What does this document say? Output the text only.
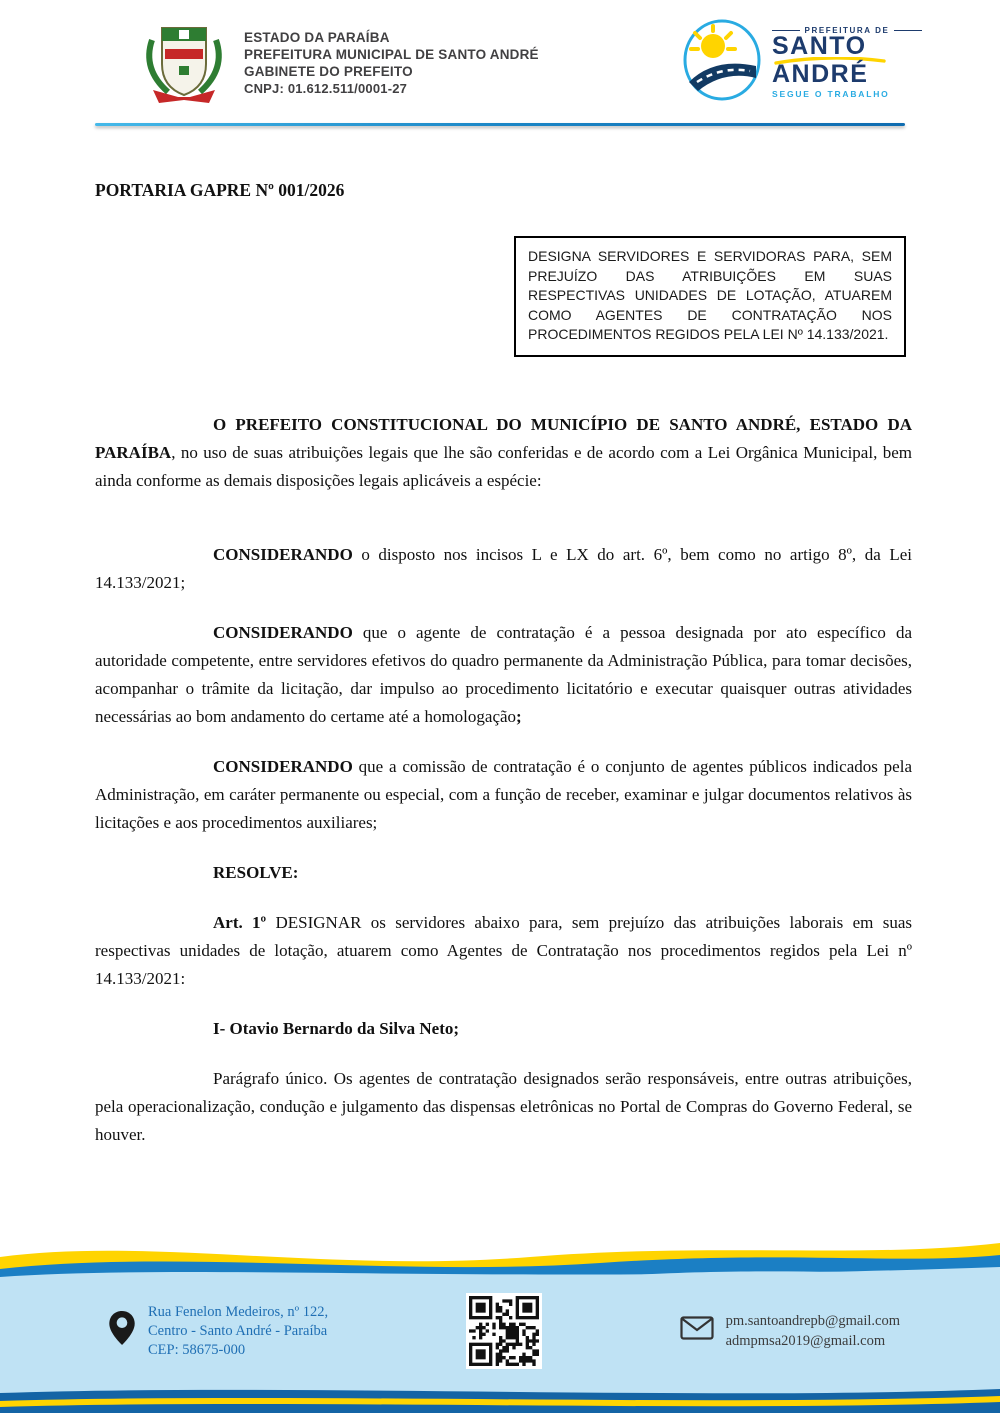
ESTADO DA PARAÍBA
PREFEITURA MUNICIPAL DE SANTO ANDRÉ
GABINETE DO PREFEITO
CNPJ: 01.612.511/0001-27
PREFEITURA DE
SANTO
ANDRÉ
SEGUE O TRABALHO
PORTARIA GAPRE Nº 001/2026
DESIGNA SERVIDORES E SERVIDORAS PARA, SEM PREJUÍZO DAS ATRIBUIÇÕES EM SUAS RESPECTIVAS UNIDADES DE LOTAÇÃO, ATUAREM COMO AGENTES DE CONTRATAÇÃO NOS PROCEDIMENTOS REGIDOS PELA LEI Nº 14.133/2021.

O PREFEITO CONSTITUCIONAL DO MUNICÍPIO DE SANTO ANDRÉ, ESTADO DA PARAÍBA, no uso de suas atribuições legais que lhe são conferidas e de acordo com a Lei Orgânica Municipal, bem ainda conforme as demais disposições legais aplicáveis a espécie:

CONSIDERANDO o disposto nos incisos L e LX do art. 6º, bem como no artigo 8º, da Lei 14.133/2021;

CONSIDERANDO que o agente de contratação é a pessoa designada por ato específico da autoridade competente, entre servidores efetivos do quadro permanente da Administração Pública, para tomar decisões, acompanhar o trâmite da licitação, dar impulso ao procedimento licitatório e executar quaisquer outras atividades necessárias ao bom andamento do certame até a homologação;

CONSIDERANDO que a comissão de contratação é o conjunto de agentes públicos indicados pela Administração, em caráter permanente ou especial, com a função de receber, examinar e julgar documentos relativos às licitações e aos procedimentos auxiliares;

RESOLVE:

Art. 1º DESIGNAR os servidores abaixo para, sem prejuízo das atribuições laborais em suas respectivas unidades de lotação, atuarem como Agentes de Contratação nos procedimentos regidos pela Lei nº 14.133/2021:

I- Otavio Bernardo da Silva Neto;

Parágrafo único. Os agentes de contratação designados serão responsáveis, entre outras atribuições, pela operacionalização, condução e julgamento das dispensas eletrônicas no Portal de Compras do Governo Federal, se houver.

Rua Fenelon Medeiros, nº 122,
Centro - Santo André - Paraíba
CEP: 58675-000
pm.santoandrepb@gmail.com
admpmsa2019@gmail.com
